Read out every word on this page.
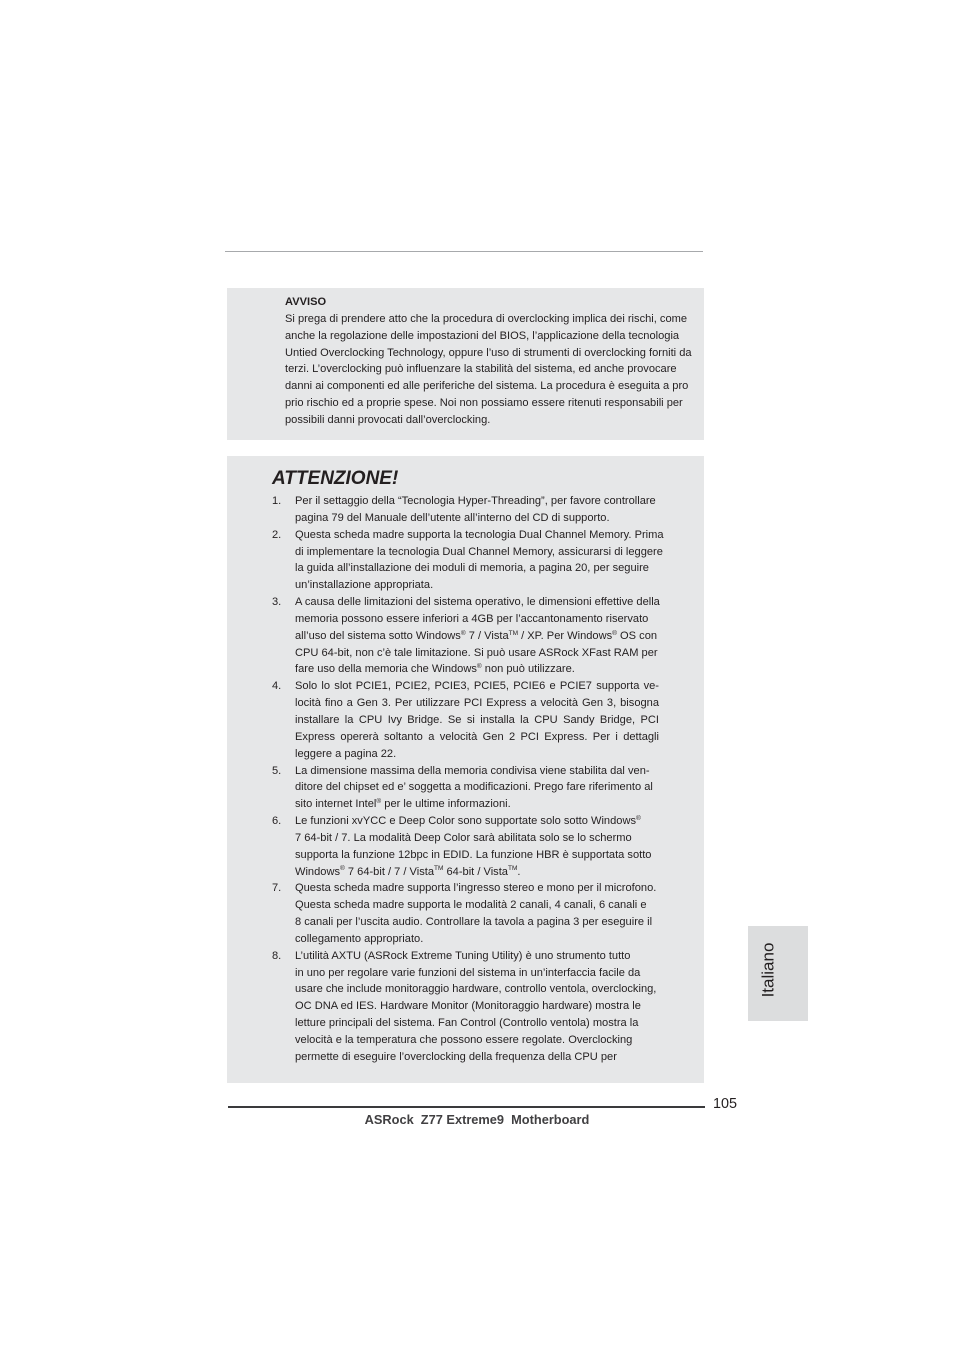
AVVISO
Si prega di prendere atto che la procedura di overclocking implica dei rischi, come
anche la regolazione delle impostazioni del BIOS, l’applicazione della tecnologia
Untied Overclocking Technology, oppure l’uso di strumenti di overclocking forniti da
terzi. L’overclocking può influenzare la stabilità del sistema, ed anche provocare
danni ai componenti ed alle periferiche del sistema. La procedura è eseguita a pro
prio rischio ed a proprie spese. Noi non possiamo essere ritenuti responsabili per
possibili danni provocati dall’overclocking.
ATTENZIONE!
1. Per il settaggio della “Tecnologia Hyper-Threading”, per favore controllare
pagina 79 del Manuale dell’utente all’interno del CD di supporto.
2. Questa scheda madre supporta la tecnologia Dual Channel Memory. Prima
di implementare la tecnologia Dual Channel Memory, assicurarsi di leggere
la guida all’installazione dei moduli di memoria, a pagina 20, per seguire
un’installazione appropriata.
3. A causa delle limitazioni del sistema operativo, le dimensioni effettive della
memoria possono essere inferiori a 4GB per l’accantonamento riservato
all’uso del sistema sotto Windows® 7 / Vista™ / XP. Per Windows® OS con
CPU 64-bit, non c’è tale limitazione. Si può usare ASRock XFast RAM per
fare uso della memoria che Windows® non può utilizzare.
4. Solo lo slot PCIE1, PCIE2, PCIE3, PCIE5, PCIE6 e PCIE7 supporta ve-
locità fino a Gen 3. Per utilizzare PCI Express a velocità Gen 3, bisogna
installare la CPU Ivy Bridge. Se si installa la CPU Sandy Bridge, PCI
Express opererà soltanto a velocità Gen 2 PCI Express. Per i dettagli
leggere a pagina 22.
5. La dimensione massima della memoria condivisa viene stabilita dal ven-
ditore del chipset ed e’ soggetta a modificazioni. Prego fare riferimento al
sito internet Intel® per le ultime informazioni.
6. Le funzioni xvYCC e Deep Color sono supportate solo sotto Windows®
7 64-bit / 7. La modalità Deep Color sarà abilitata solo se lo schermo
supporta la funzione 12bpc in EDID. La funzione HBR è supportata sotto
Windows® 7 64-bit / 7 / Vista™ 64-bit / Vista™.
7. Questa scheda madre supporta l’ingresso stereo e mono per il microfono.
Questa scheda madre supporta le modalità 2 canali, 4 canali, 6 canali e
8 canali per l’uscita audio. Controllare la tavola a pagina 3 per eseguire il
collegamento appropriato.
8. L’utilità AXTU (ASRock Extreme Tuning Utility) è uno strumento tutto
in uno per regolare varie funzioni del sistema in un’interfaccia facile da
usare che include monitoraggio hardware, controllo ventola, overclocking,
OC DNA ed IES. Hardware Monitor (Monitoraggio hardware) mostra le
letture principali del sistema. Fan Control (Controllo ventola) mostra la
velocità e la temperatura che possono essere regolate. Overclocking
permette di eseguire l’overclocking della frequenza della CPU per
Italiano
105
ASRock  Z77 Extreme9  Motherboard
